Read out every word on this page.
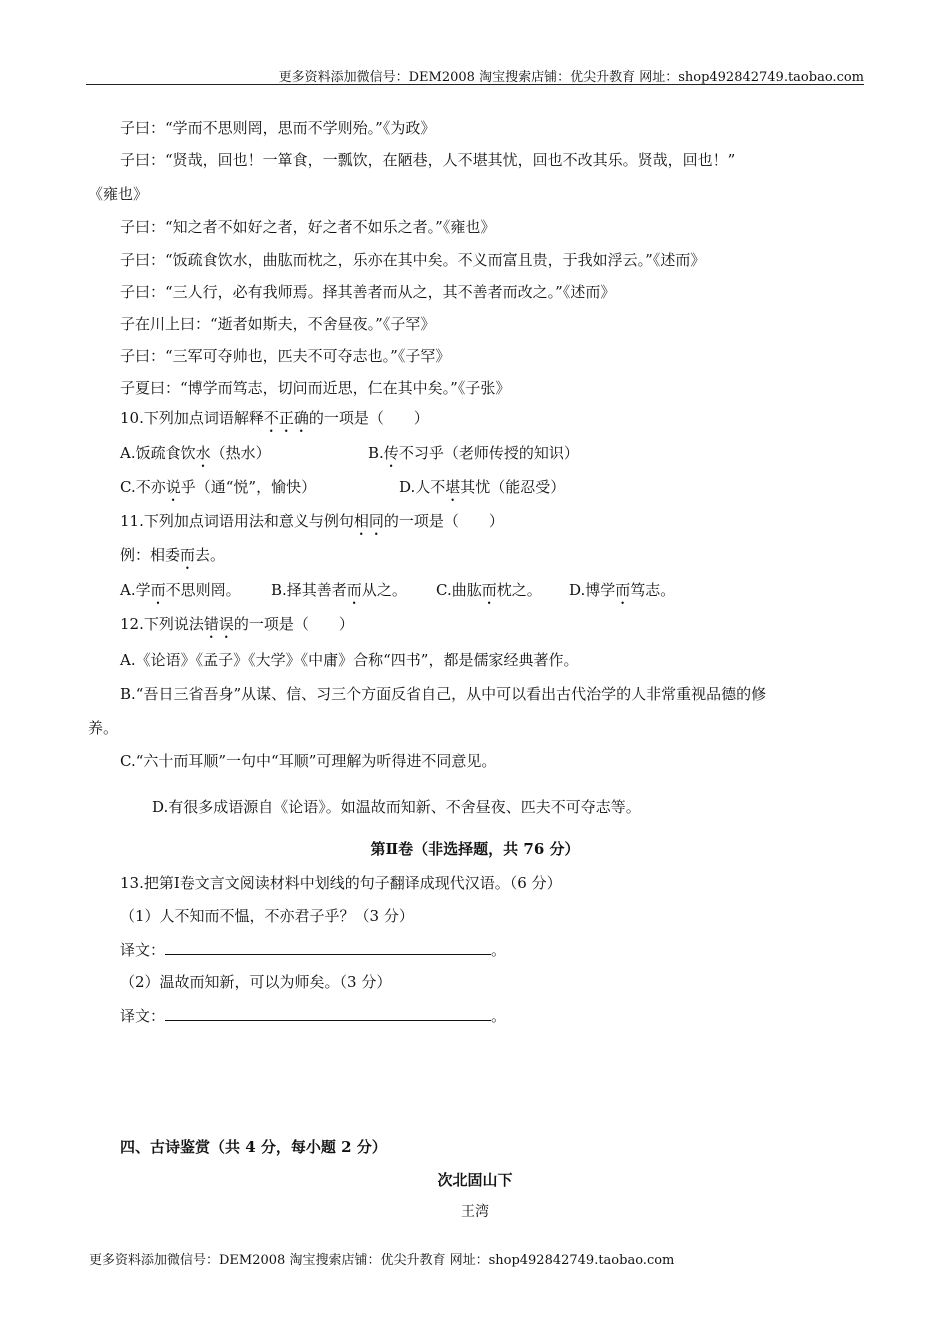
更多资料添加微信号：DEM2008 淘宝搜索店铺：优尖升教育 网址：shop492842749.taobao.com
子曰：“学而不思则罔，思而不学则殆。”《为政》
子曰：“贤哉，回也！一箪食，一瓢饮，在陋巷，人不堪其忧，回也不改其乐。贤哉，回也！”
《雍也》
子曰：“知之者不如好之者，好之者不如乐之者。”《雍也》
子曰：“饭疏食饮水，曲肱而枕之，乐亦在其中矣。不义而富且贵，于我如浮云。”《述而》
子曰：“三人行，必有我师焉。择其善者而从之，其不善者而改之。”《述而》
子在川上曰：“逝者如斯夫，不舍昼夜。”《子罕》
子曰：“三军可夺帅也，匹夫不可夺志也。”《子罕》
子夏曰：“博学而笃志，切问而近思，仁在其中矣。”《子张》
10.下列加点词语解释不正确的一项是（　　）
A.饭疏食饮水（热水）	B.传不习乎（老师传授的知识）
C.不亦说乎（通“悦”，愉快）	D.人不堪其忧（能忍受）
11.下列加点词语用法和意义与例句相同的一项是（　　）
例：相委而去。
A.学而不思则罔。 B.择其善者而从之。 C.曲肱而枕之。 D.博学而笃志。
12.下列说法错误的一项是（　　）
A.《论语》《孟子》《大学》《中庸》合称“四书”，都是儒家经典著作。
B.“吾日三省吾身”从谋、信、习三个方面反省自己，从中可以看出古代治学的人非常重视品德的修
养。
C.“六十而耳顺”一句中“耳顺”可理解为听得进不同意见。
D.有很多成语源自《论语》。如温故而知新、不舍昼夜、匹夫不可夺志等。
第Ⅱ卷（非选择题，共 76 分）
13.把第Ⅰ卷文言文阅读材料中划线的句子翻译成现代汉语。（6 分）
（1）人不知而不愠，不亦君子乎？（3 分）
译文：	。
（2）温故而知新，可以为师矣。（3 分）
译文：	。
四、古诗鉴赏（共 4 分，每小题 2 分）
次北固山下
王湾
更多资料添加微信号：DEM2008 淘宝搜索店铺：优尖升教育 网址：shop492842749.taobao.com
